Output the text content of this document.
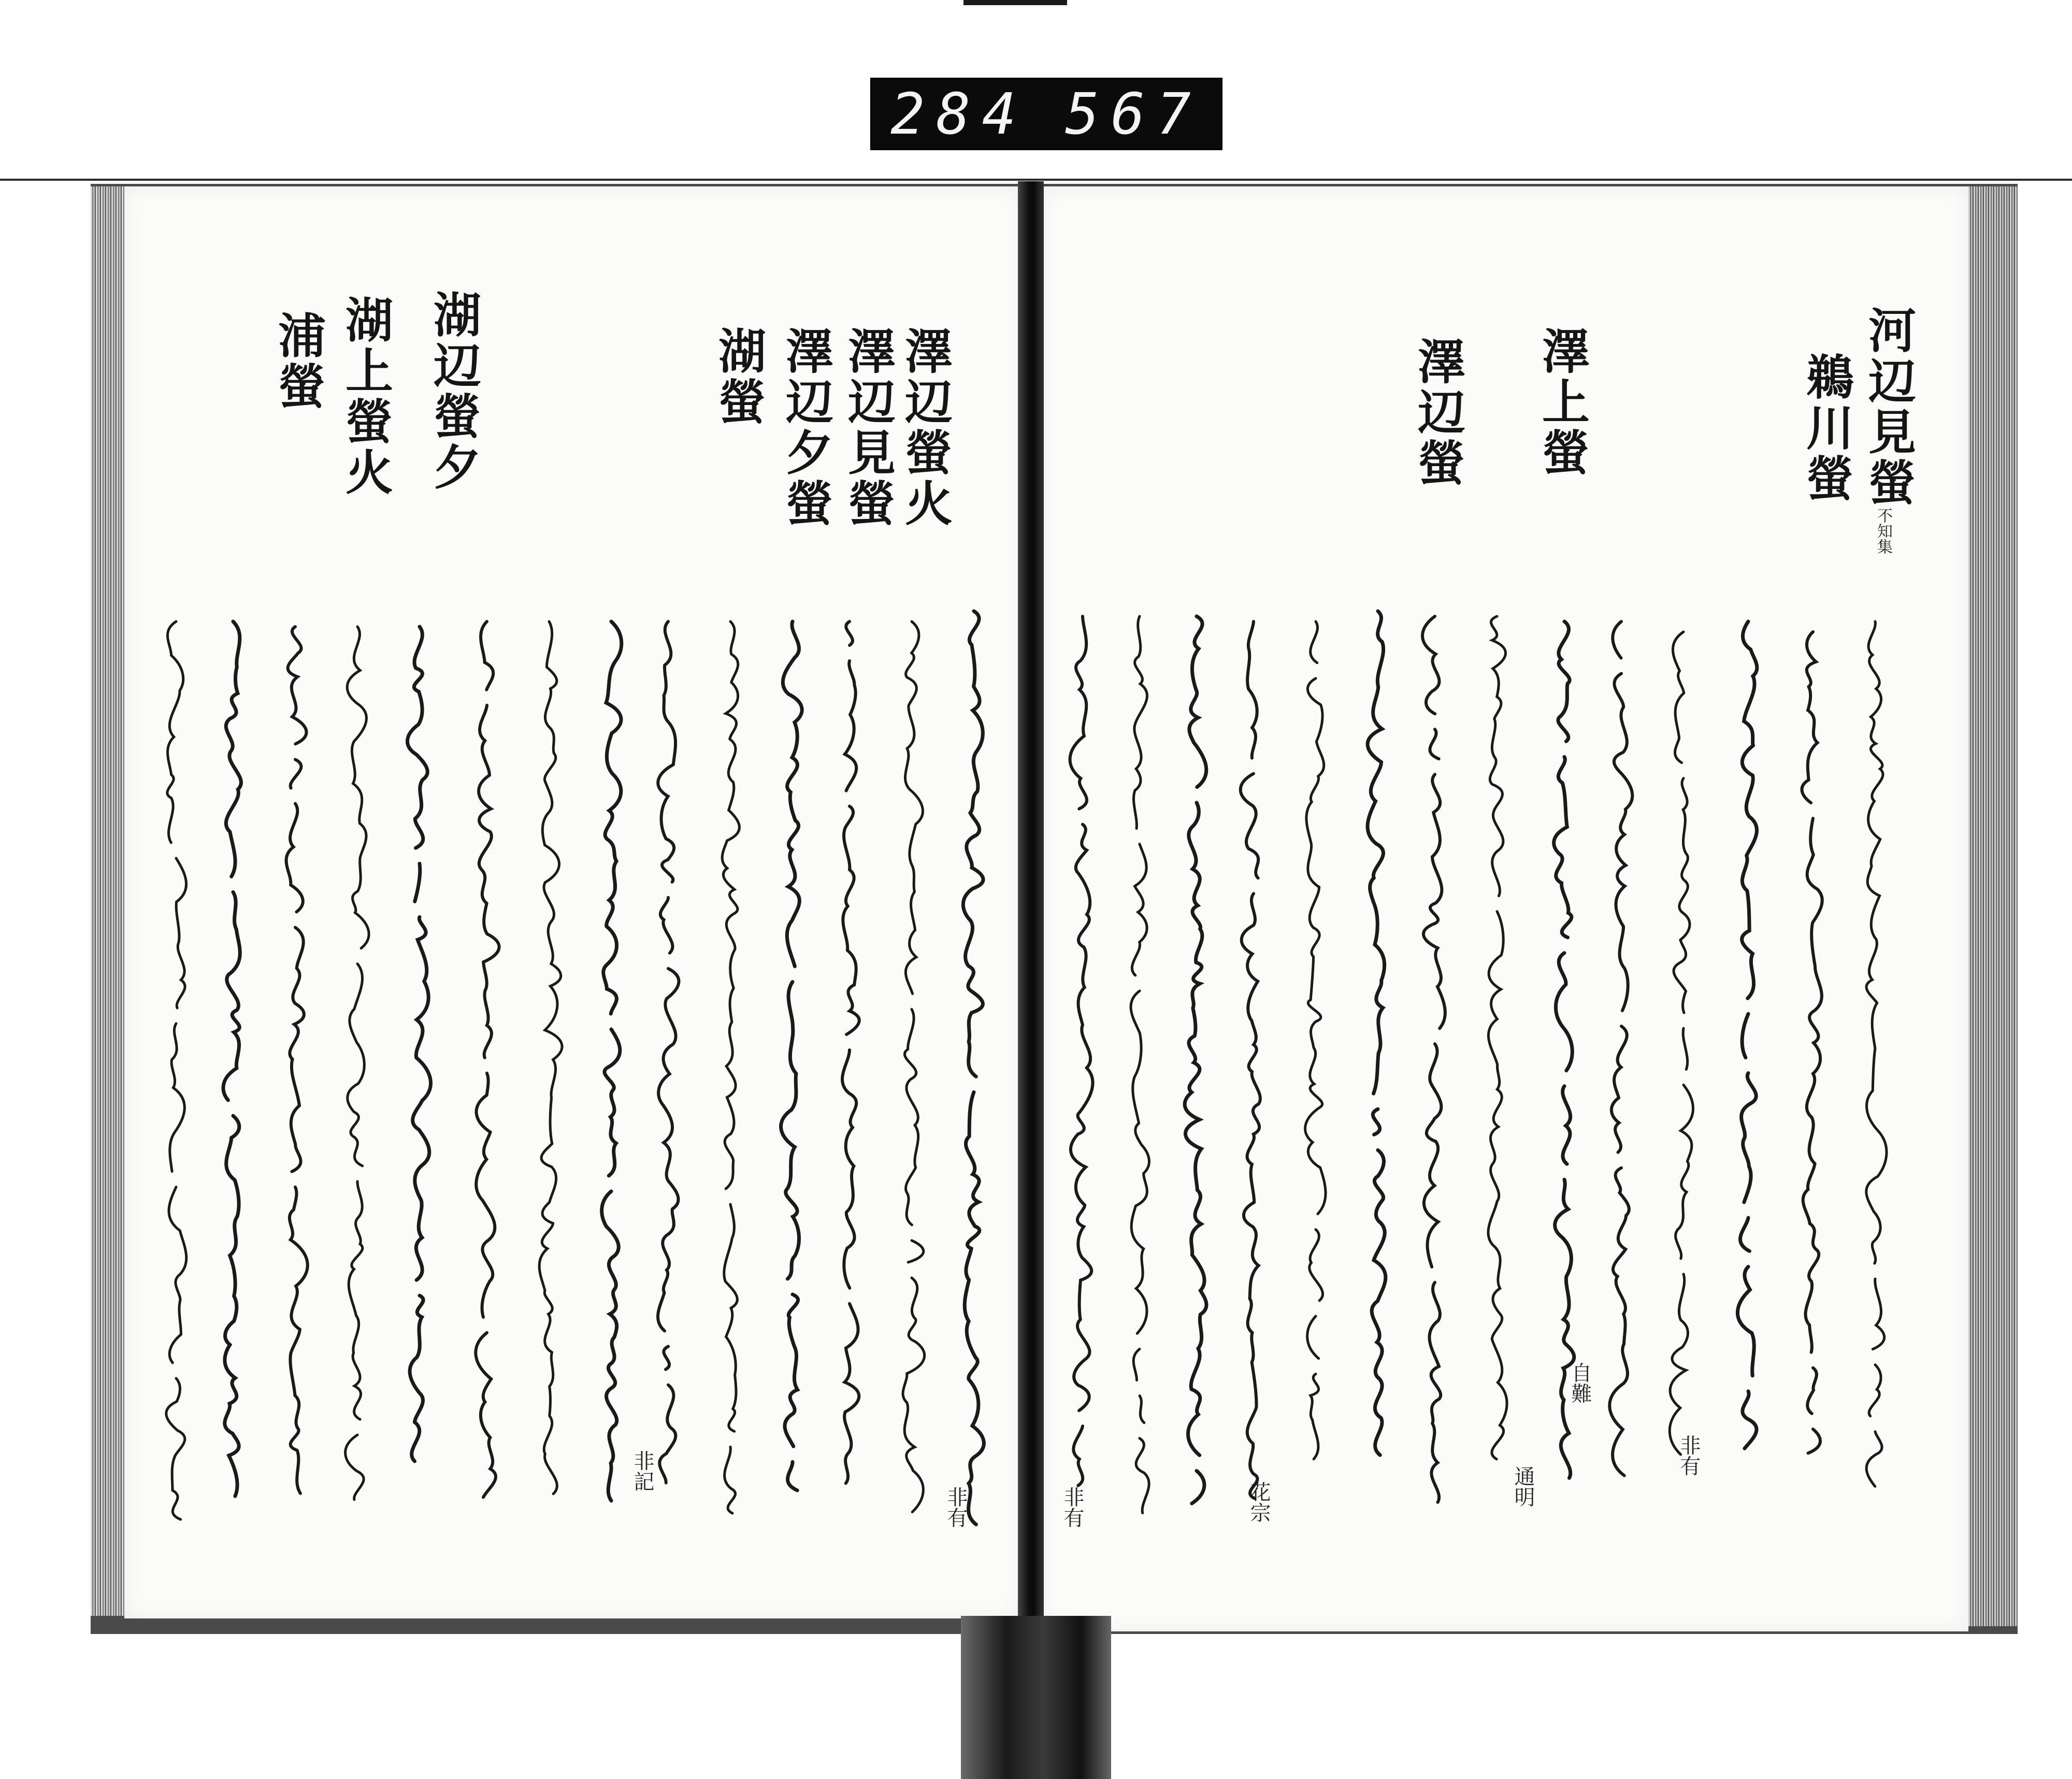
284 567
澤辺螢火

澤辺見螢
澤辺夕螢
湖螢
湖辺螢夕
湖上螢火
浦螢
非有
非記
河辺見螢
不知集
鵜川螢
澤上螢
澤辺螢
非有
自難
通明
花宗
非有
